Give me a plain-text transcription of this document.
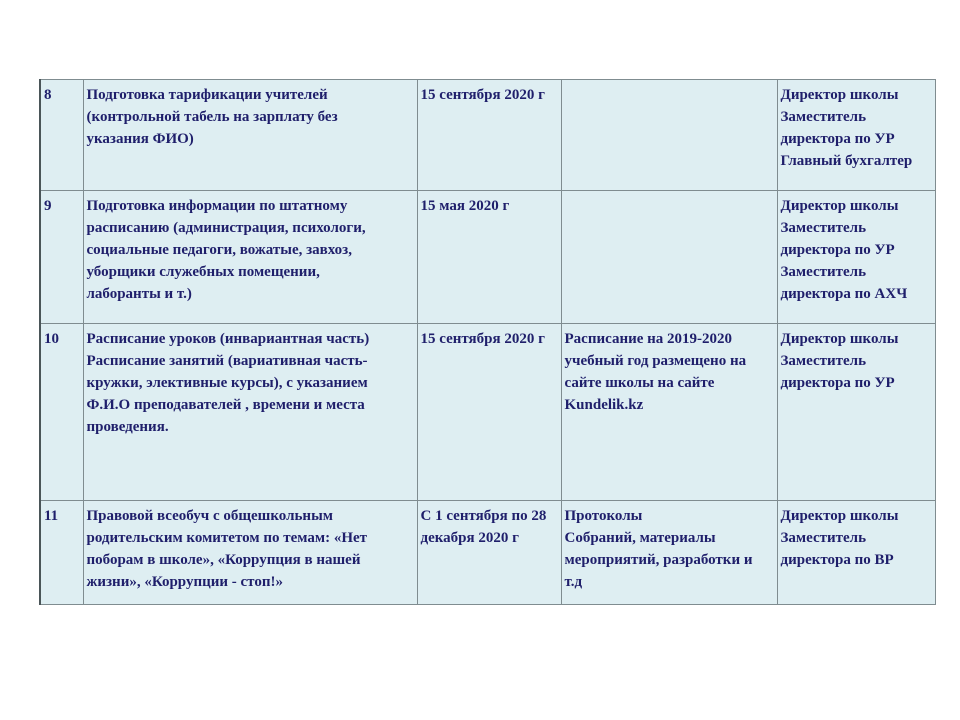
8	Подготовка тарификации учителей
(контрольной табель на зарплату без
указания ФИО)	15 сентября 2020 г		Директор школы
Заместитель
директора по УР
Главный бухгалтер

9	Подготовка информации по штатному
расписанию (администрация, психологи,
социальные педагоги, вожатые, завхоз,
уборщики служебных помещении,
лаборанты и т.)	15 мая 2020 г		Директор школы
Заместитель
директора по УР
Заместитель
директора по АХЧ

10	Расписание уроков (инвариантная часть)
Расписание занятий (вариативная часть-
кружки, элективные курсы), с указанием
Ф.И.О преподавателей , времени и места
проведения.	15 сентября 2020 г	Расписание на 2019-2020
учебный год размещено на
сайте школы на сайте
Kundelik.kz	Директор школы
Заместитель
директора по УР

11	Правовой всеобуч с общешкольным
родительским комитетом по темам: «Нет
поборам в школе», «Коррупция в нашей
жизни», «Коррупции - стоп!»	С 1 сентября по 28
декабря 2020 г	Протоколы
Собраний, материалы
мероприятий, разработки и
т.д	Директор школы
Заместитель
директора по ВР
